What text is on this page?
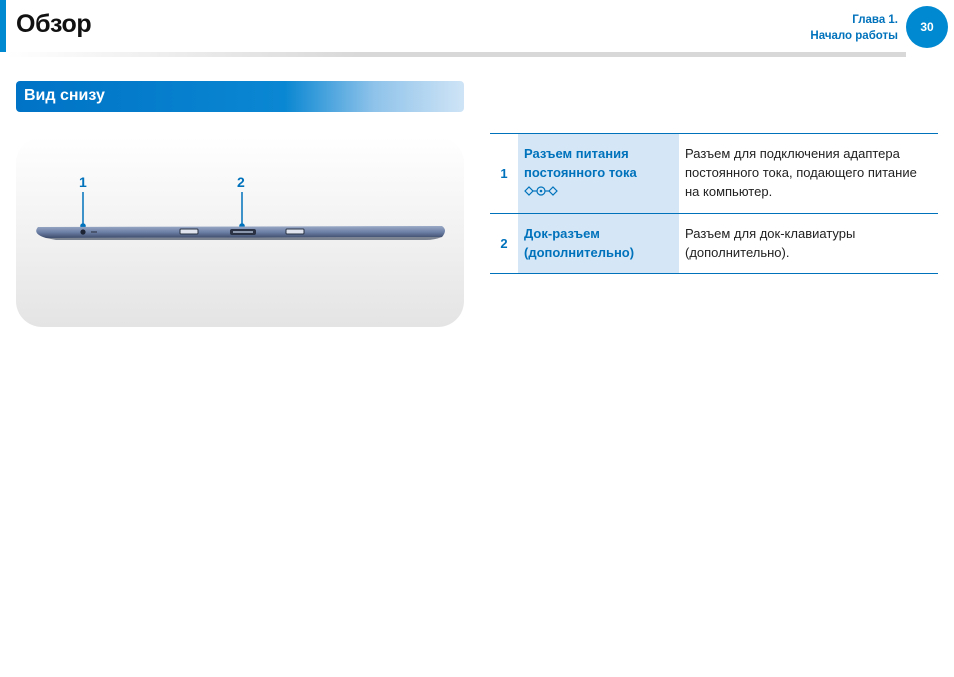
Обзор	Глава 1.
Начало работы
30
Вид снизу
1	2
1	Разъем питания постоянного тока	Разъем для подключения адаптера постоянного тока, подающего питание на компьютер.
2	Док-разъем (дополнительно)	Разъем для док-клавиатуры (дополнительно).
